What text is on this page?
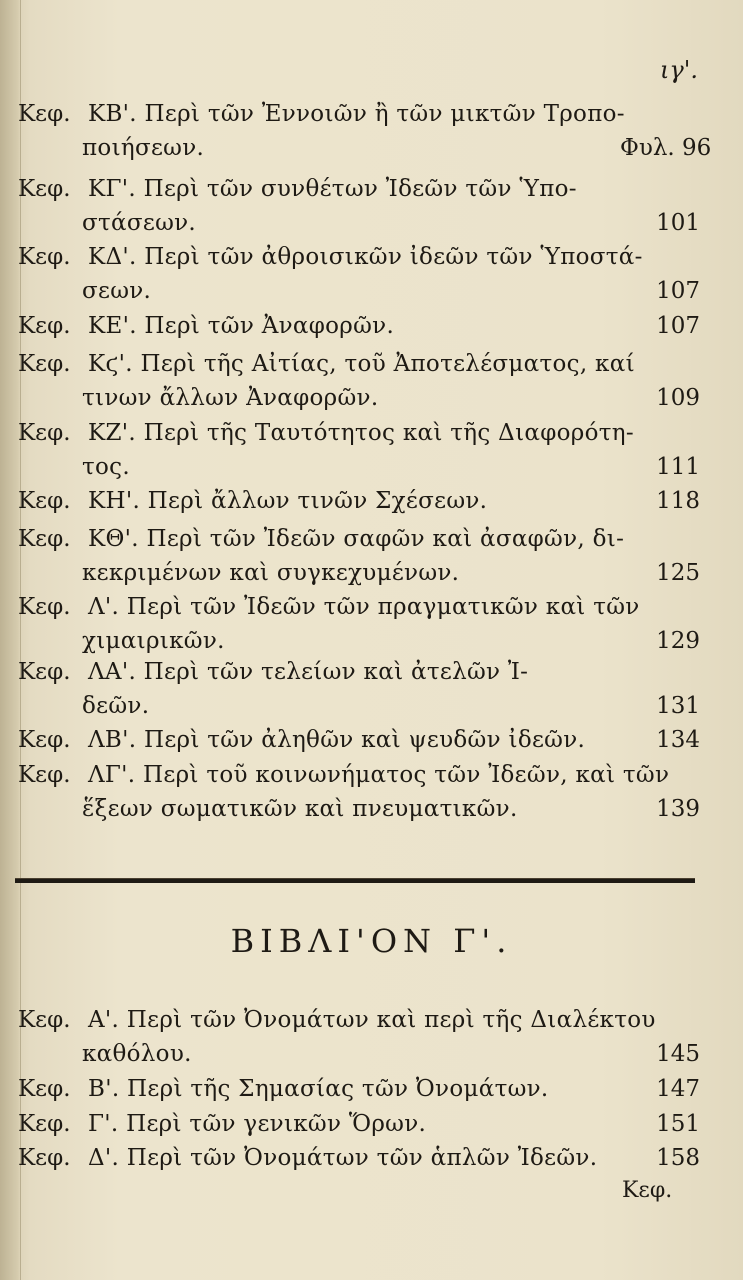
ιγ'.
Κεφ. ΚΒ'. Περὶ τῶν Ἐννοιῶν ἢ τῶν μικτῶν Τροπο-
ποιήσεων.	Φυλ. 96
Κεφ. ΚΓ'. Περὶ τῶν συνθέτων Ἰδεῶν τῶν Ὑπο-
στάσεων.	101
Κεφ. ΚΔ'. Περὶ τῶν ἀθροισικῶν ἰδεῶν τῶν Ὑποστά-
σεων.	107
Κεφ. ΚΕ'. Περὶ τῶν Ἀναφορῶν.	107
Κεφ. Κϛ'. Περὶ τῆς Αἰτίας, τοῦ Ἀποτελέσματος, καί
τινων ἄλλων Ἀναφορῶν.	109
Κεφ. ΚΖ'. Περὶ τῆς Ταυτότητος καὶ τῆς Διαφορότη-
τος.	111
Κεφ. ΚΗ'. Περὶ ἄλλων τινῶν Σχέσεων.	118
Κεφ. ΚΘ'. Περὶ τῶν Ἰδεῶν σαφῶν καὶ ἀσαφῶν, δι-
κεκριμένων καὶ συγκεχυμένων.	125
Κεφ. Λ'. Περὶ τῶν Ἰδεῶν τῶν πραγματικῶν καὶ τῶν
χιμαιρικῶν.	129
Κεφ. ΛΑ'. Περὶ τῶν τελείων καὶ ἀτελῶν Ἰ-
δεῶν.	131
Κεφ. ΛΒ'. Περὶ τῶν ἀληθῶν καὶ ψευδῶν ἰδεῶν.	134
Κεφ. ΛΓ'. Περὶ τοῦ κοινωνήματος τῶν Ἰδεῶν, καὶ τῶν
ἕξεων σωματικῶν καὶ πνευματικῶν.	139
ΒΙΒΛΙ'ΟΝ Γ'.
Κεφ. Α'. Περὶ τῶν Ὀνομάτων καὶ περὶ τῆς Διαλέκτου
καθόλου.	145
Κεφ. Β'. Περὶ τῆς Σημασίας τῶν Ὀνομάτων.	147
Κεφ. Γ'. Περὶ τῶν γενικῶν Ὅρων.	151
Κεφ. Δ'. Περὶ τῶν Ὀνομάτων τῶν ἁπλῶν Ἰδεῶν.	158
Κεφ.
